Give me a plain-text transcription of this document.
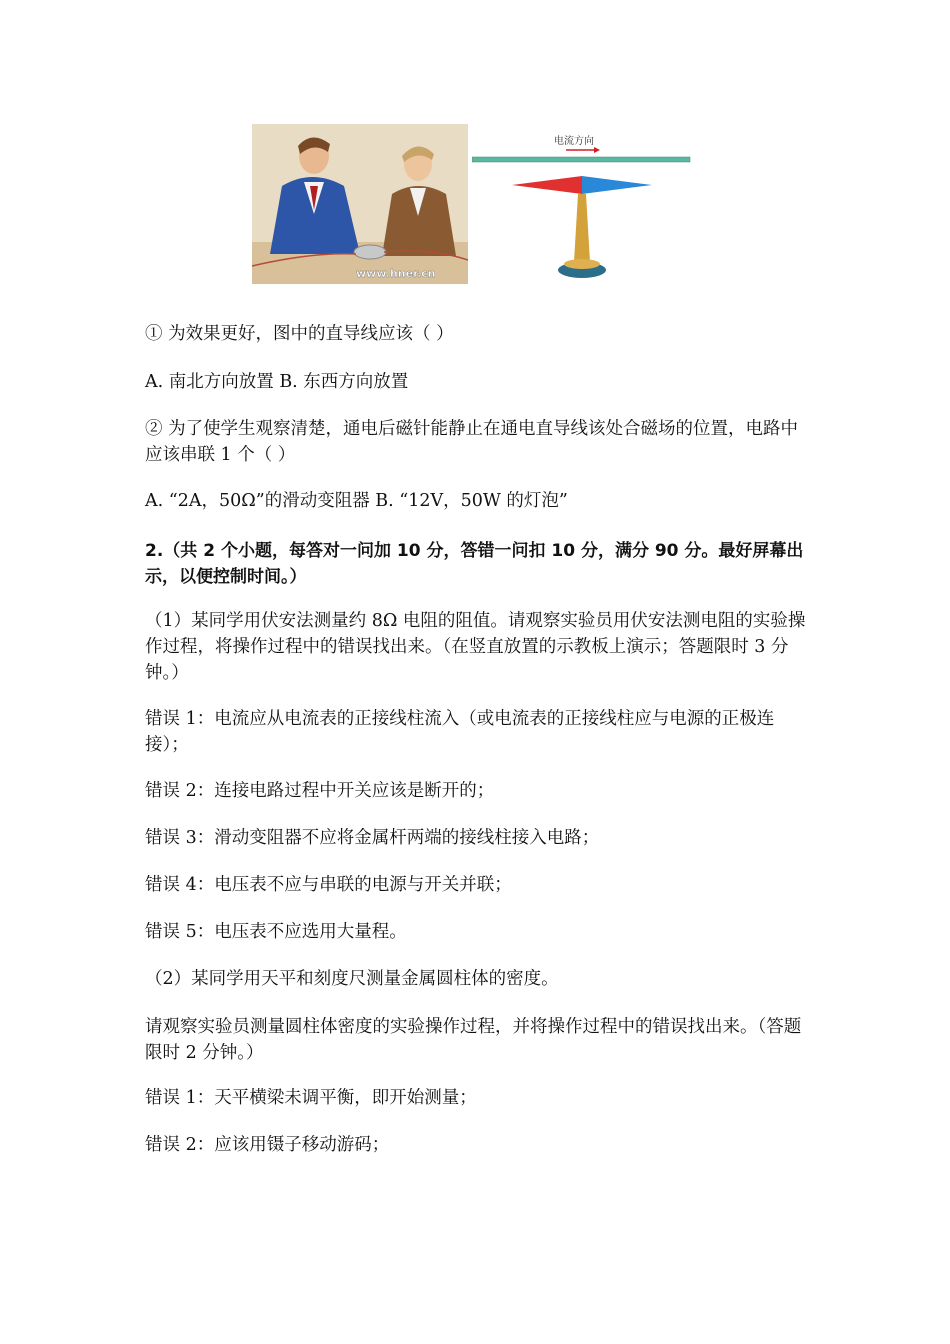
www.hner.cn
电流方向

① 为效果更好，图中的直导线应该（ ）

A. 南北方向放置 B. 东西方向放置

② 为了使学生观察清楚，通电后磁针能静止在通电直导线该处合磁场的位置，电路中应该串联 1 个（ ）

A. “2A，50Ω”的滑动变阻器 B. “12V，50W 的灯泡”

2.（共 2 个小题，每答对一问加 10 分，答错一问扣 10 分，满分 90 分。最好屏幕出示，以便控制时间。）

（1）某同学用伏安法测量约 8Ω 电阻的阻值。请观察实验员用伏安法测电阻的实验操作过程，将操作过程中的错误找出来。（在竖直放置的示教板上演示；答题限时 3 分钟。）

错误 1：电流应从电流表的正接线柱流入（或电流表的正接线柱应与电源的正极连接）；

错误 2：连接电路过程中开关应该是断开的；

错误 3：滑动变阻器不应将金属杆两端的接线柱接入电路；

错误 4：电压表不应与串联的电源与开关并联；

错误 5：电压表不应选用大量程。

（2）某同学用天平和刻度尺测量金属圆柱体的密度。

请观察实验员测量圆柱体密度的实验操作过程，并将操作过程中的错误找出来。（答题限时 2 分钟。）

错误 1：天平横梁未调平衡，即开始测量；

错误 2：应该用镊子移动游码；
